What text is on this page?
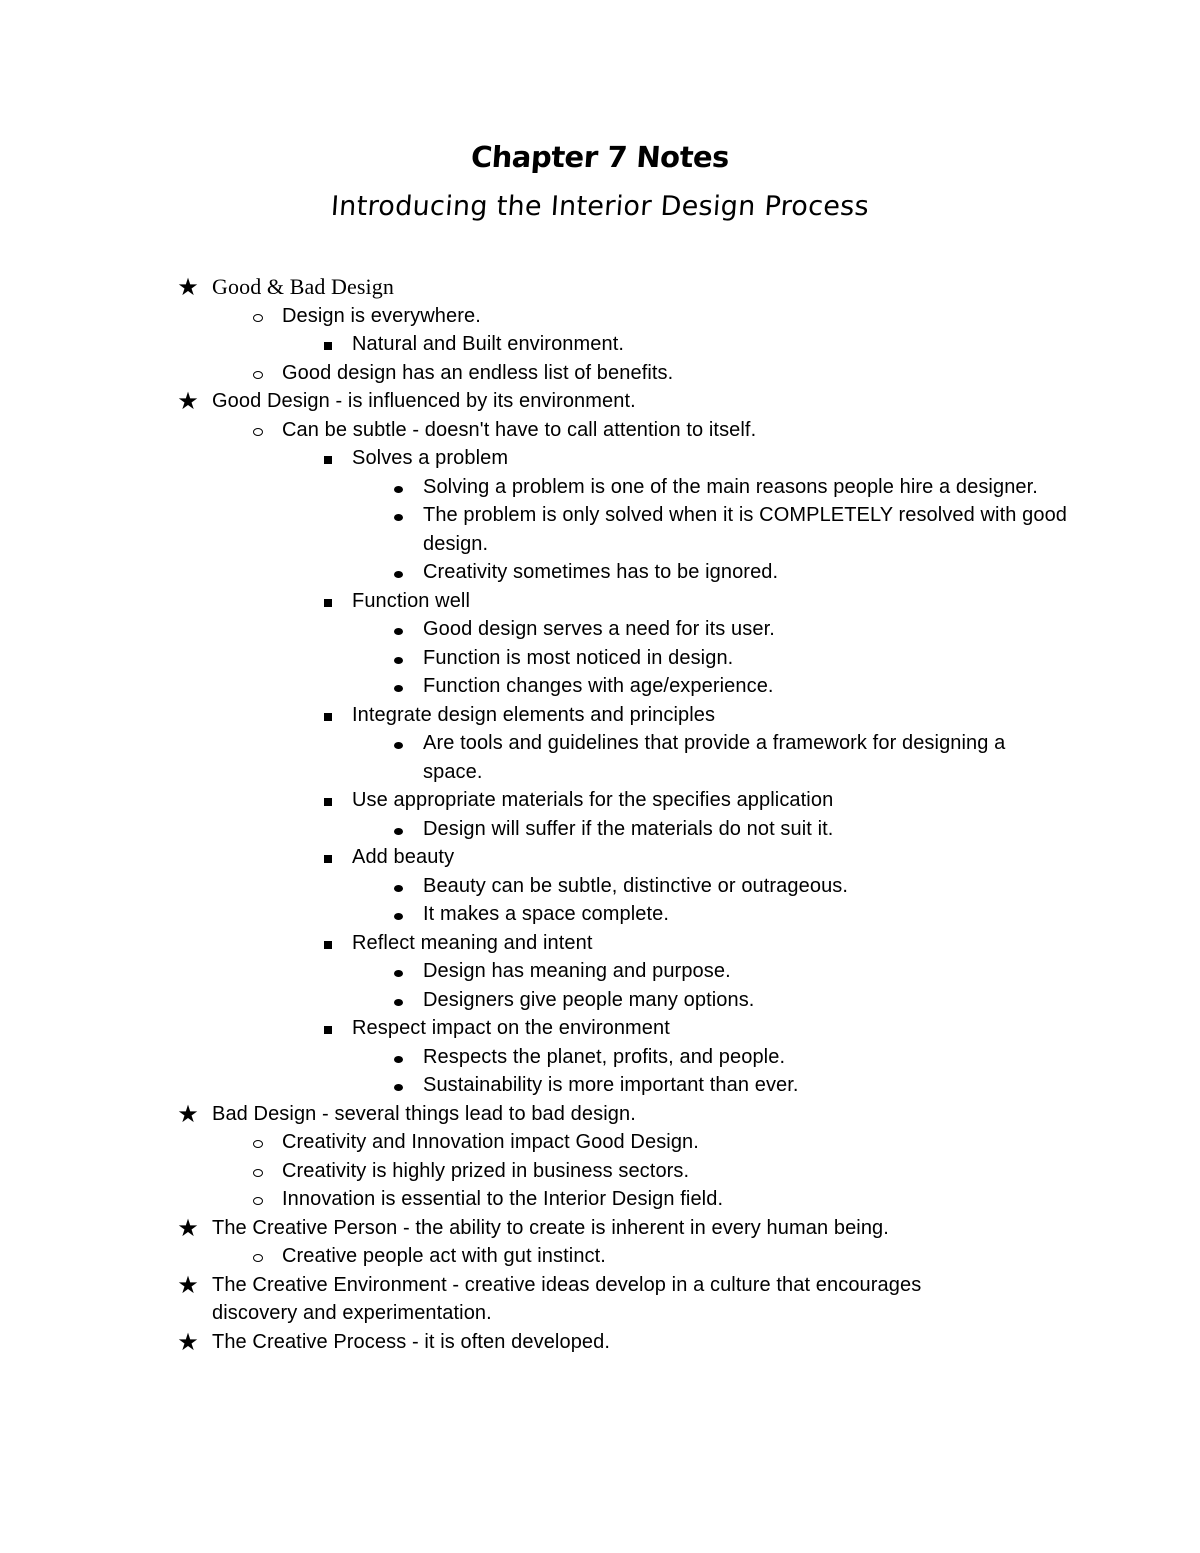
Chapter 7 Notes
Introducing the Interior Design Process
★ Good & Bad Design
Design is everywhere.
Natural and Built environment.
Good design has an endless list of benefits.
★ Good Design - is influenced by its environment.
Can be subtle - doesn't have to call attention to itself.
Solves a problem
Solving a problem is one of the main reasons people hire a designer.
The problem is only solved when it is COMPLETELY resolved with good design.
Creativity sometimes has to be ignored.
Function well
Good design serves a need for its user.
Function is most noticed in design.
Function changes with age/experience.
Integrate design elements and principles
Are tools and guidelines that provide a framework for designing a space.
Use appropriate materials for the specifies application
Design will suffer if the materials do not suit it.
Add beauty
Beauty can be subtle, distinctive or outrageous.
It makes a space complete.
Reflect meaning and intent
Design has meaning and purpose.
Designers give people many options.
Respect impact on the environment
Respects the planet, profits, and people.
Sustainability is more important than ever.
★ Bad Design - several things lead to bad design.
Creativity and Innovation impact Good Design.
Creativity is highly prized in business sectors.
Innovation is essential to the Interior Design field.
★ The Creative Person - the ability to create is inherent in every human being.
Creative people act with gut instinct.
★ The Creative Environment - creative ideas develop in a culture that encourages discovery and experimentation.
★ The Creative Process - it is often developed.
